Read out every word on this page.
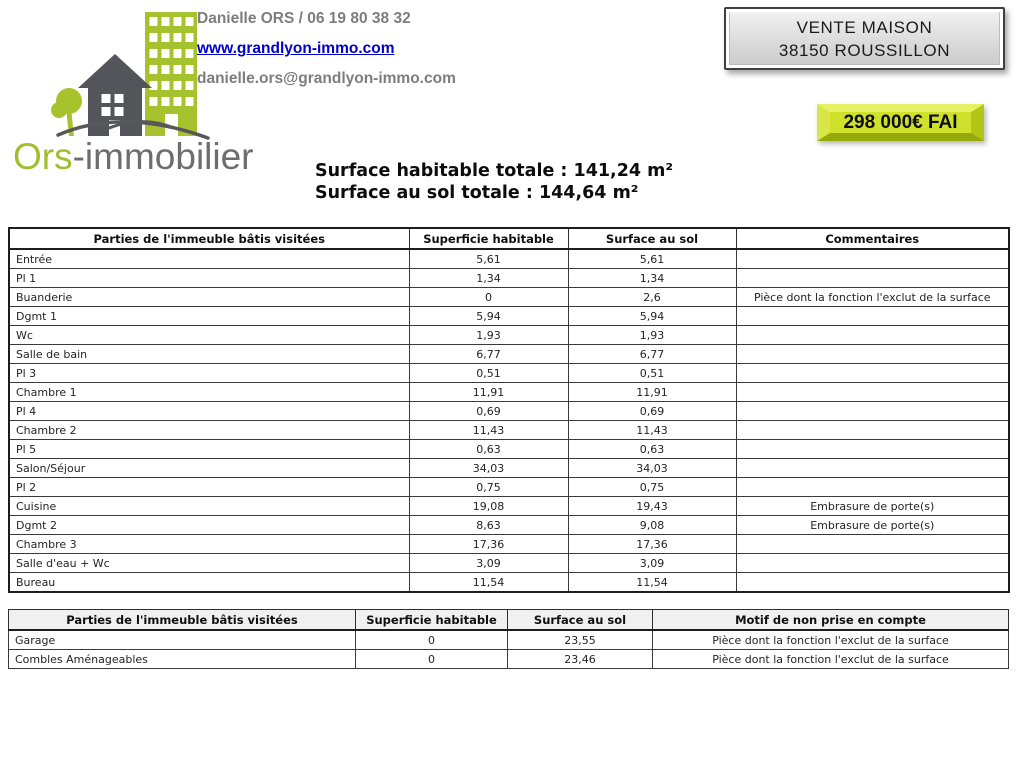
Ors-immobilier
Danielle ORS / 06 19 80 38 32
www.grandlyon-immo.com
danielle.ors@grandlyon-immo.com
VENTE MAISON
38150 ROUSSILLON
298 000€ FAI
Surface habitable totale : 141,24 m²
Surface au sol totale : 144,64 m²
Parties de l'immeuble bâtis visitées	Superficie habitable	Surface au sol	Commentaires
Entrée	5,61	5,61	
Pl 1	1,34	1,34	
Buanderie	0	2,6	Pièce dont la fonction l'exclut de la surface
Dgmt 1	5,94	5,94	
Wc	1,93	1,93	
Salle de bain	6,77	6,77	
Pl 3	0,51	0,51	
Chambre 1	11,91	11,91	
Pl 4	0,69	0,69	
Chambre 2	11,43	11,43	
Pl 5	0,63	0,63	
Salon/Séjour	34,03	34,03	
Pl 2	0,75	0,75	
Cuisine	19,08	19,43	Embrasure de porte(s)
Dgmt 2	8,63	9,08	Embrasure de porte(s)
Chambre 3	17,36	17,36	
Salle d'eau + Wc	3,09	3,09	
Bureau	11,54	11,54	
Parties de l'immeuble bâtis visitées	Superficie habitable	Surface au sol	Motif de non prise en compte
Garage	0	23,55	Pièce dont la fonction l'exclut de la surface
Combles Aménageables	0	23,46	Pièce dont la fonction l'exclut de la surface
